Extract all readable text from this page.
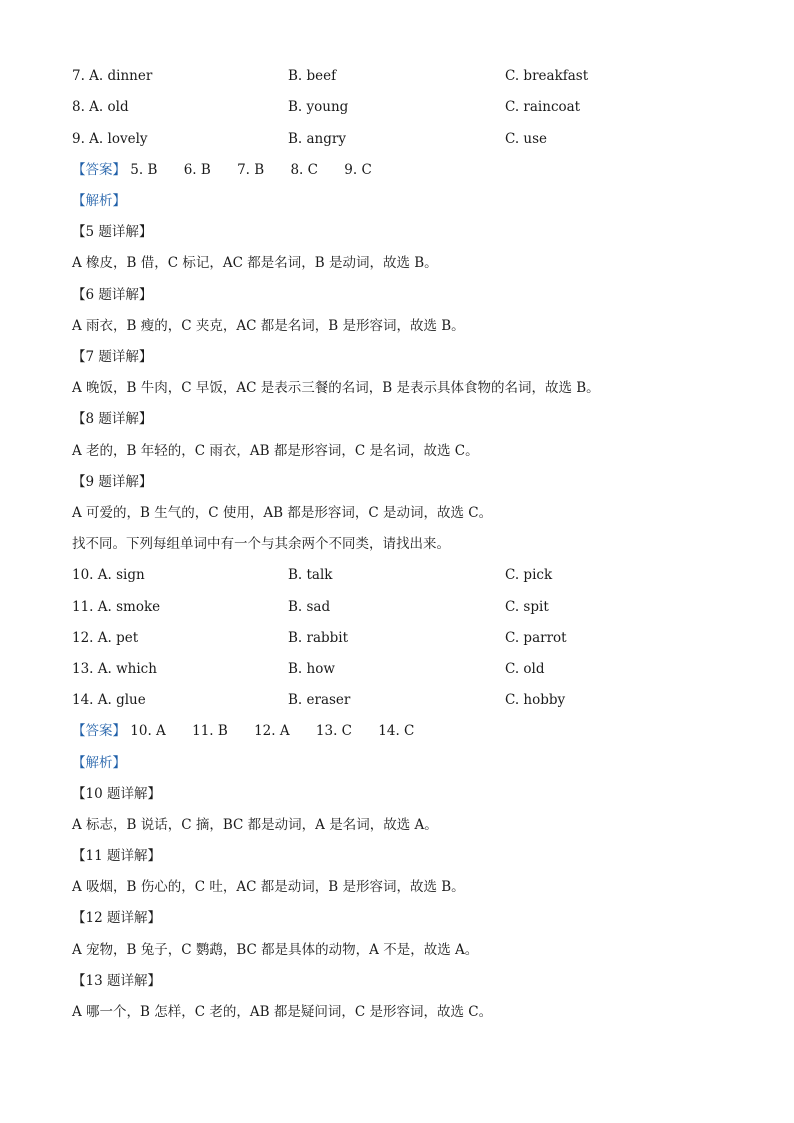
7. A. dinner	B. beef	C. breakfast
8. A. old	B. young	C. raincoat
9. A. lovely	B. angry	C. use
【答案】 5. B 6. B 7. B 8. C 9. C
【解析】
【5 题详解】
A 橡皮，B 借，C 标记，AC 都是名词，B 是动词，故选 B。
【6 题详解】
A 雨衣，B 瘦的，C 夹克，AC 都是名词，B 是形容词，故选 B。
【7 题详解】
A 晚饭，B 牛肉，C 早饭，AC 是表示三餐的名词，B 是表示具体食物的名词，故选 B。
【8 题详解】
A 老的，B 年轻的，C 雨衣，AB 都是形容词，C 是名词，故选 C。
【9 题详解】
A 可爱的，B 生气的，C 使用，AB 都是形容词，C 是动词，故选 C。
找不同。下列每组单词中有一个与其余两个不同类，请找出来。
10. A. sign	B. talk	C. pick
11. A. smoke	B. sad	C. spit
12. A. pet	B. rabbit	C. parrot
13. A. which	B. how	C. old
14. A. glue	B. eraser	C. hobby
【答案】 10. A 11. B 12. A 13. C 14. C
【解析】
【10 题详解】
A 标志，B 说话，C 摘，BC 都是动词，A 是名词，故选 A。
【11 题详解】
A 吸烟，B 伤心的，C 吐，AC 都是动词，B 是形容词，故选 B。
【12 题详解】
A 宠物，B 兔子，C 鹦鹉，BC 都是具体的动物，A 不是，故选 A。
【13 题详解】
A 哪一个，B 怎样，C 老的，AB 都是疑问词，C 是形容词，故选 C。
